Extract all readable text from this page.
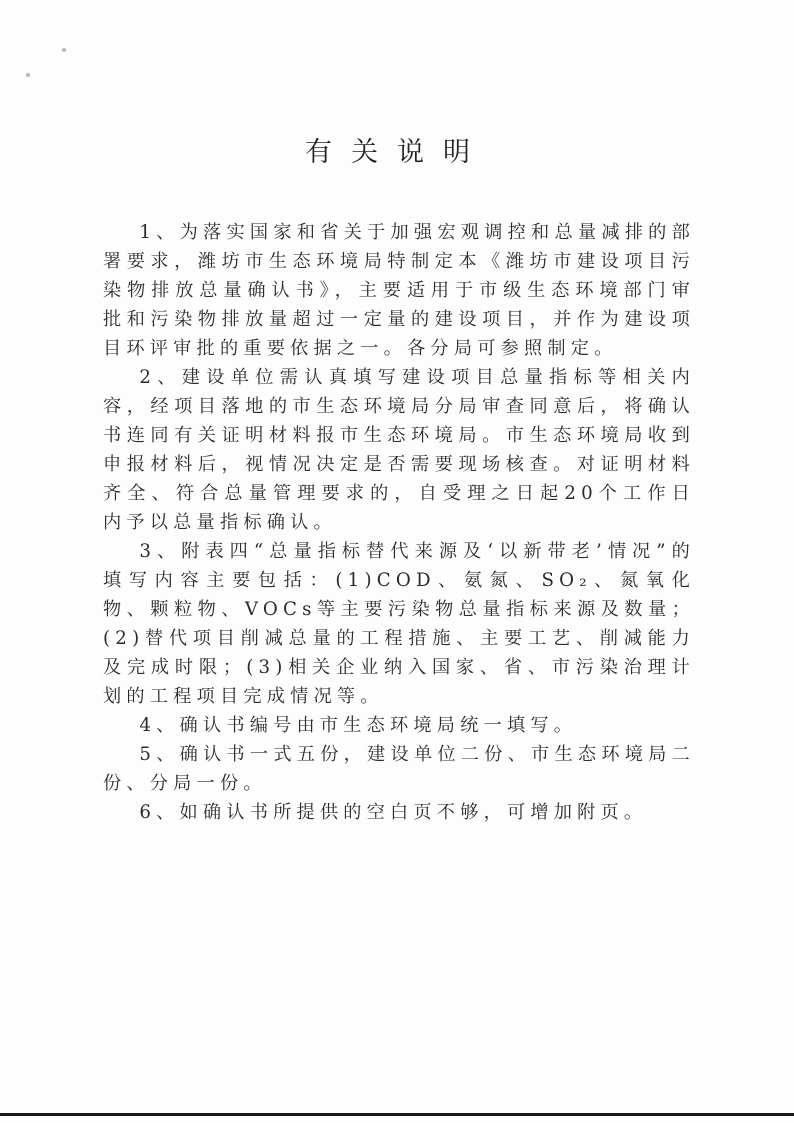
有关说明

1、为落实国家和省关于加强宏观调控和总量减排的部署要求，潍坊市生态环境局特制定本《潍坊市建设项目污染物排放总量确认书》，主要适用于市级生态环境部门审批和污染物排放量超过一定量的建设项目，并作为建设项目环评审批的重要依据之一。各分局可参照制定。

2、建设单位需认真填写建设项目总量指标等相关内容，经项目落地的市生态环境局分局审查同意后，将确认书连同有关证明材料报市生态环境局。市生态环境局收到申报材料后，视情况决定是否需要现场核查。对证明材料齐全、符合总量管理要求的，自受理之日起20个工作日内予以总量指标确认。

3、附表四“总量指标替代来源及‘以新带老’情况”的填写内容主要包括：(1)COD、氨氮、SO₂、氮氧化物、颗粒物、VOCs等主要污染物总量指标来源及数量；(2)替代项目削减总量的工程措施、主要工艺、削减能力及完成时限；(3)相关企业纳入国家、省、市污染治理计划的工程项目完成情况等。

4、确认书编号由市生态环境局统一填写。

5、确认书一式五份，建设单位二份、市生态环境局二份、分局一份。

6、如确认书所提供的空白页不够，可增加附页。
